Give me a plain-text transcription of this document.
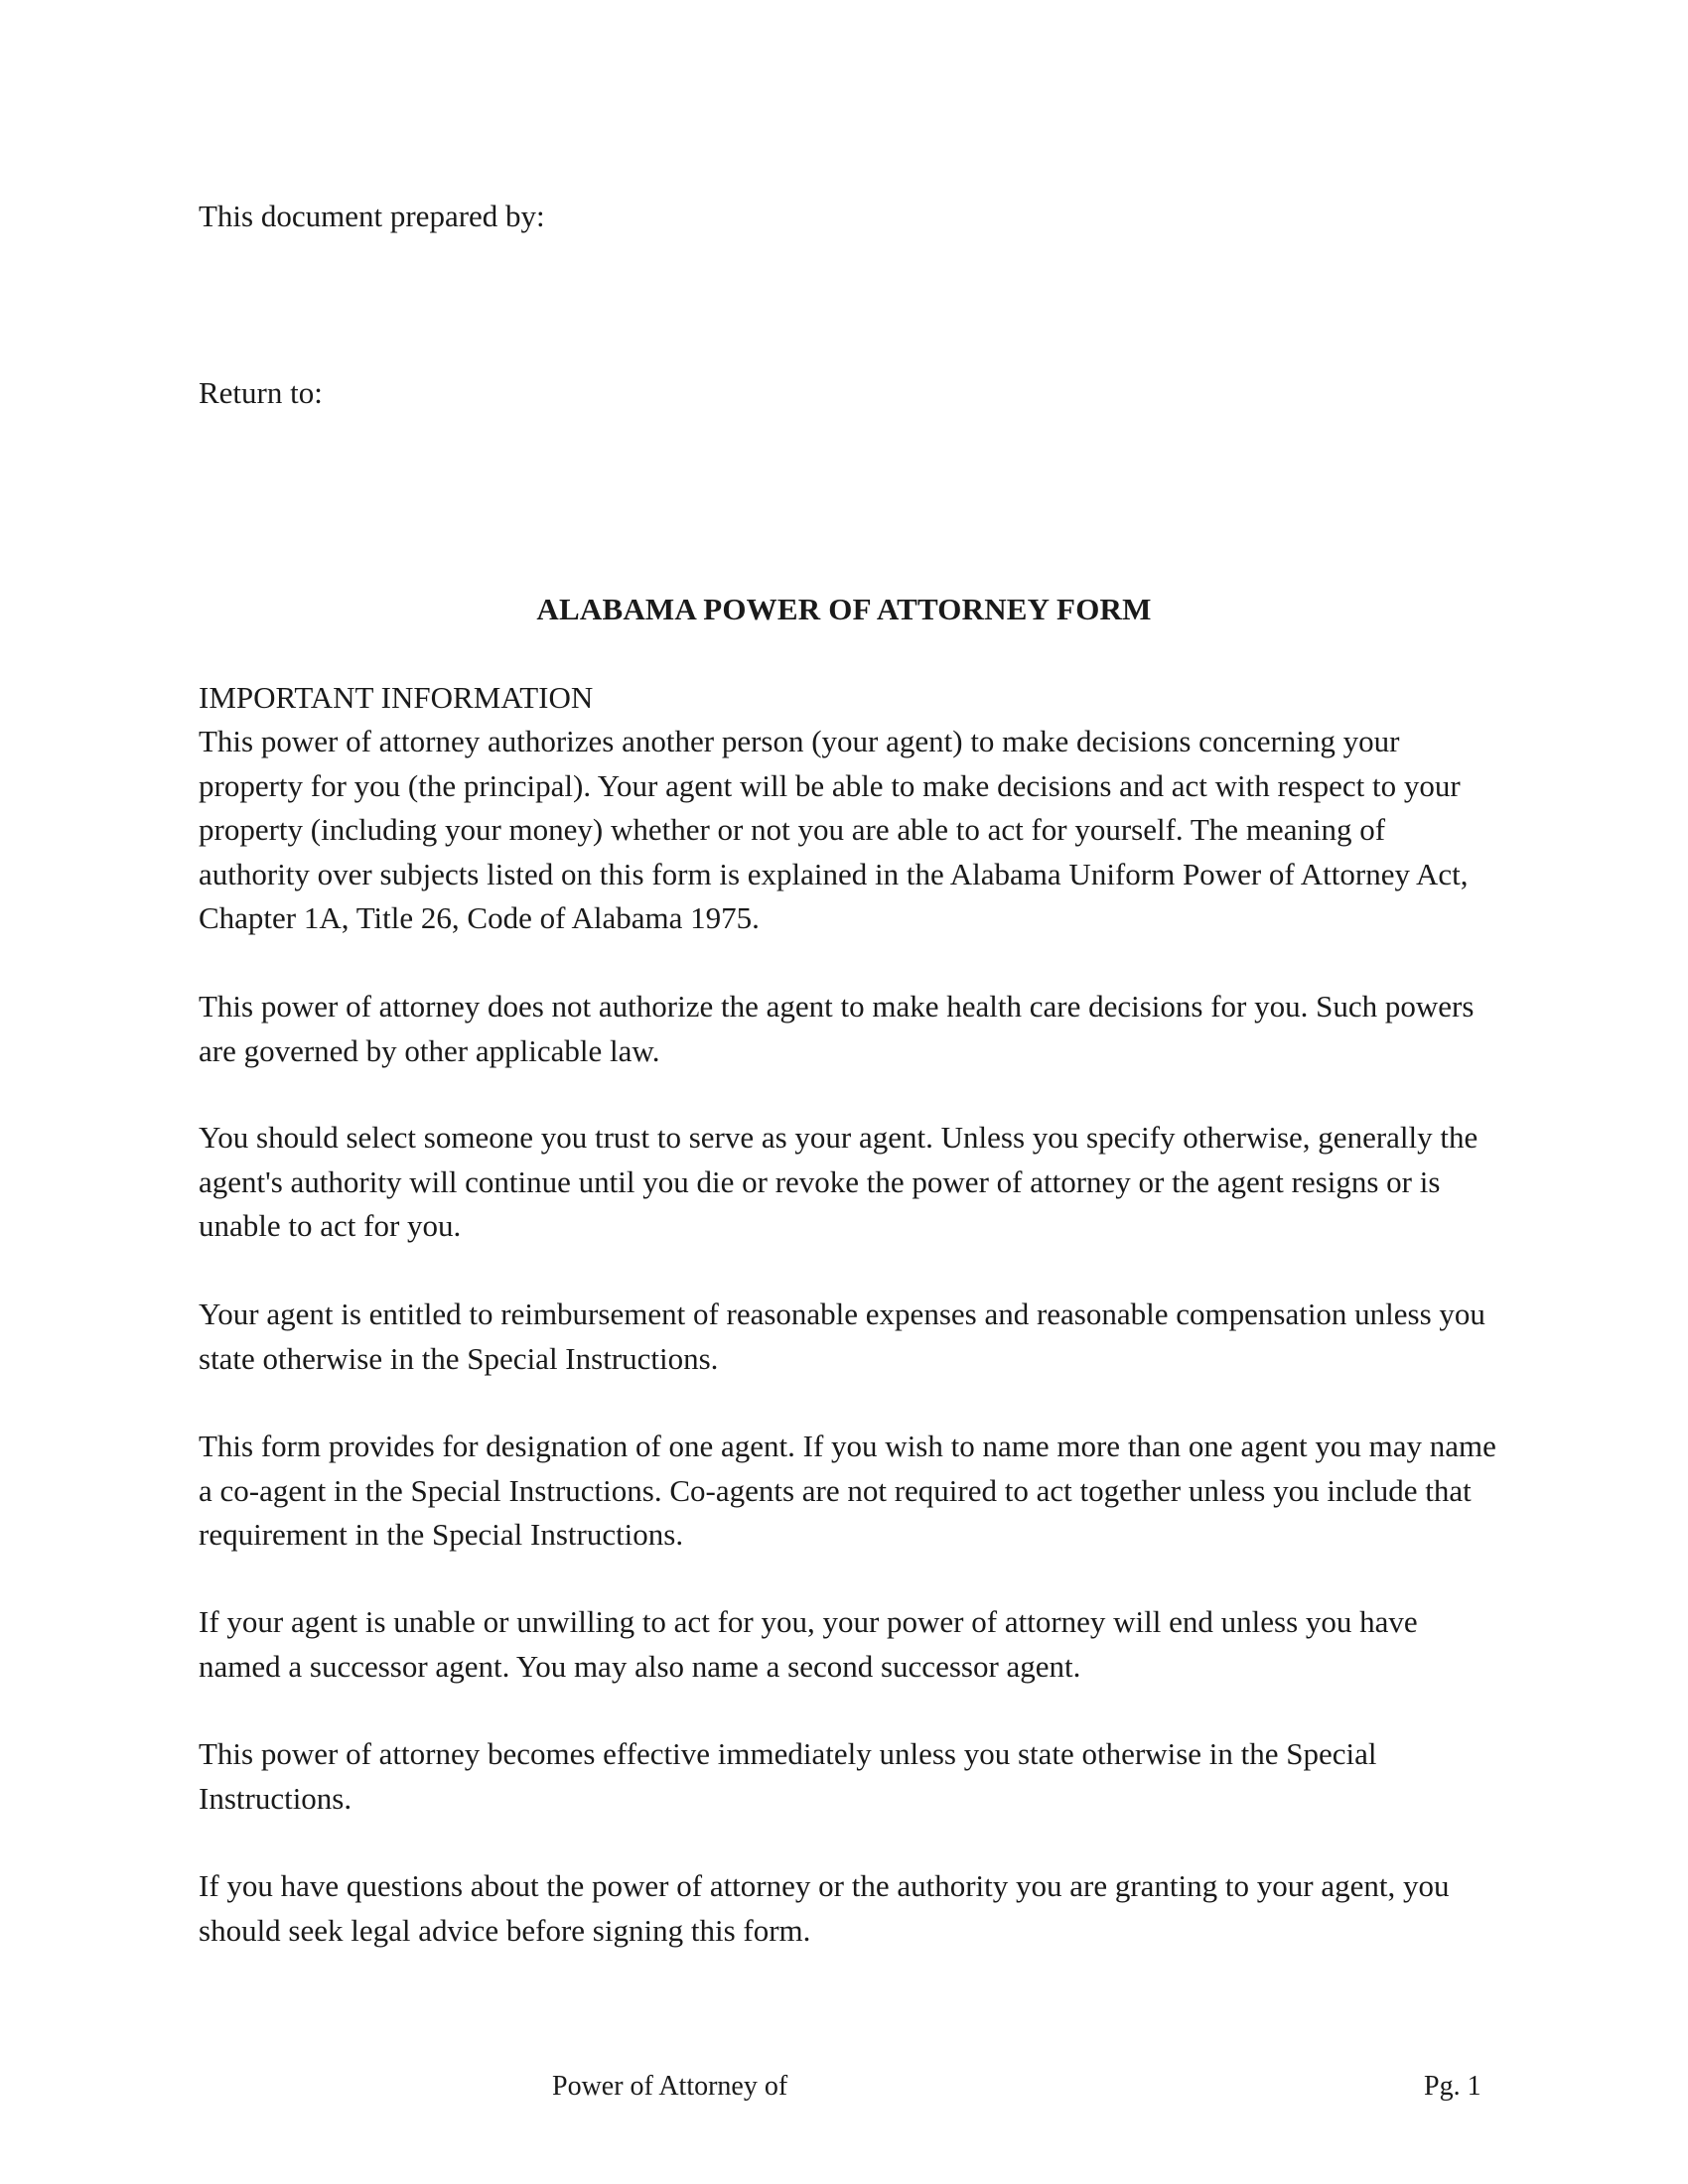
This document prepared by:

Return to:

ALABAMA POWER OF ATTORNEY FORM

IMPORTANT INFORMATION

This power of attorney authorizes another person (your agent) to make decisions concerning your property for you (the principal). Your agent will be able to make decisions and act with respect to your property (including your money) whether or not you are able to act for yourself. The meaning of authority over subjects listed on this form is explained in the Alabama Uniform Power of Attorney Act, Chapter 1A, Title 26, Code of Alabama 1975.

This power of attorney does not authorize the agent to make health care decisions for you. Such powers are governed by other applicable law.

You should select someone you trust to serve as your agent. Unless you specify otherwise, generally the agent's authority will continue until you die or revoke the power of attorney or the agent resigns or is unable to act for you.

Your agent is entitled to reimbursement of reasonable expenses and reasonable compensation unless you state otherwise in the Special Instructions.

This form provides for designation of one agent. If you wish to name more than one agent you may name a co-agent in the Special Instructions. Co-agents are not required to act together unless you include that requirement in the Special Instructions.

If your agent is unable or unwilling to act for you, your power of attorney will end unless you have named a successor agent. You may also name a second successor agent.

This power of attorney becomes effective immediately unless you state otherwise in the Special Instructions.

If you have questions about the power of attorney or the authority you are granting to your agent, you should seek legal advice before signing this form.

Power of Attorney of	Pg. 1
